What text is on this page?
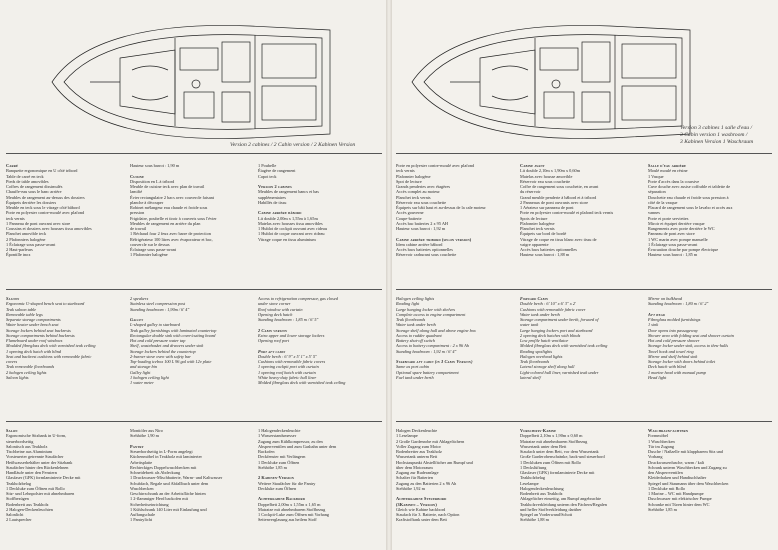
Version 2 cabines / 2 Cabin version / 2 Kabinen Version
Carré
Banquette ergonomique en U côté tribord
Table de carré en teck
Pieds de table amovibles
Coffres de rangement dissimulés
Chauffe-eau sous le banc arrière
Meubles de rangement au-dessus des dossiers
Équipets derrière les dossiers
Meuble en teck sous le vitrage côté bâbord
Porte en polyester contre-moulé avec plafond
teck vernis
1 Panneau de pont ouvrant avec store
Coussins et dossiers avec housses tissu amovibles
Planchet amovible teck
2 Plafonniers halogène
1 Éclairage sous passe-avant
2 Haut-parleurs
Épontille inox
Hauteur sous barrot : 1,90 m

Cuisine
Disposition en L à tribord
Meuble de cuisine teck avec plan de travail
lamifié
Évier rectangulaire 2 bacs avec couvercle faisant
planche à découper
Robinet mélangeur eau chaude et froide sous
pression
Frigidaire, poubelle et tiroir à couverts sous l'évier
Meubles de rangement en arrière du plan
de travail
1 Réchaud four 2 feux avec barre de protection
Réfrigérateur 100 litres avec évaporateur et bac,
couvercle sur le dessus
Éclairage sous passe-avant
1 Plafonnier halogène
1 Poubelle
Étagère de rangement
Capot teck

Version 2 cabines
Meubles de rangement bancs et bas
supplémentaires
Habillés de tissu

Cabine arrière bâbord
Lit double 2,00m x 1,55m à 1,65m
Matelas avec housses tissu amovibles
1 Hublot de cockpit ouvrant avec rideau
1 Hublot de coque ouvrant avec rideau
Vitrage coque en tissu aluminium
Saloon
Ergonomic U-shaped bench seat to starboard
Teak saloon table
Removable table legs
Separate storage compartments
Water heater under bench seat
Storage lockers behind seat backrests
Storage compartments behind backrests
Flameboard under roof windows
Moulded fibreglass deck with varnished teak ceiling
1 opening deck hatch with blind
Seat and backrest cushions with removable fabric
covers
Teak removable floorboards
2 halogen ceiling lights
Saloon lights
2 speakers
Stainless steel compression post
Standing headroom : 1,90m / 6' 4"

Galley
L-shaped galley to starboard
Teak galley furnishings with laminated countertop
Rectangular double sink with cover/cutting board
Hot and cold pressure water tap
Shelf, wastebasket and drawers under sink
Storage lockers behind the countertop
2-burner stove oven with safety bar
Top-loading icebox 100 L 96 gal with 12v plate
and storage bin
Galley light
1 halogen ceiling light
1 water meter
Access to refrigeration compressor, gas closed
under stove corner
Roof window with curtain
Opening deck hatch
Standing headroom : 1,85 m / 6' 5"

2 Cabin version
Extra upper and lower storage lockers
Opening roof port

Port aft cabin
Double berth : 6' 9" x 5' 1" x 5' 5"
Cushions with removable fabric covers
1 opening cockpit port with curtain
1 opening roof hatch with curtain
White heavy-duty fabric hull liner
Molded fibreglass deck with varnished teak ceiling
Salon
Ergonomische Sitzbank in U-form,
steuerbordseitig
Salontisch aus Teakholz
Tischbeine aus Aluminium
Vorsteuerter getrennte Staufächer
Heißwasserbehälter unter der Sitzbank
Staufächer hinter den Rückenlehnen
Handläufe unter den Fenstern
Glasfaser (GFK) formlaminierte Decke mit
Teakholzbelag
1 Deckluke zum Öffnen mit Rollo
Sitz- und Lehnpolster mit abnehmbaren
Stoffbezügen
Bodenbrett aus Teakholz
2 Halogen-Deckenleuchten
Salonlicht
2 Lautsprecher
Montiöler aus Niro
Stehhöhe 1,90 m

Pantry
Steuerbordseitig in L-Form angelegt
Küchenmöbel in Teakholz mit laminierter
Arbeitsplatte
Rechteckiges Doppelwaschbecken mit
Schneidebrett als Abdeckung
1 Druckwasser-Mischbatterie, Warm- und Kaltwasser
Schubfach, Regale und Abfallbuch unter dem
Waschbecken
Geschirrschrank an der Arbeitsfläche hinten
1 2-flammiger Herd backofen mit
Sicherheitseinrichtung
1 Kühlschrank 140 Liter mit Einlaufung und
Auffangschale
1 Pantrylicht
1 Halogendeckenleuchte
1 Wasserstandsmesser
Zugang zum Kühlkompressor, zu den
Absperrventilen und zum Gasbahn unter dem
Backofen
Deckfenster mit Verlängern
1 Deckluke zum Öffnen
Stehhöhe 1,85 m

2 Kabinen-Version
Weitere Staufächer für die Pantry
Deckluke zum Öffnen

Achterkabine Backbord
Doppelbett 2,00m x 1,55m x 1,65 m
Matratze mit abnehmbarem Stoffbezug
1 Cockpit-Luke zum Öffnen mit Vorhang
Seitenverglasung aus heilem Stoff
Version 3 cabines 1 salle d'eau /
3 Cabin version 1 washroom /
3 Kabinen Version 1 Waschraum
Porte en polyester contre-moulé avec plafond
teck vernis
Plafonnier halogène
Spot de lecture
Grands penderies avec étagères
Accès complet au moteur
Planchet teck vernis
Réservoir eau sous couchette
Équipets sur bâti haut et au-dessus de la cale moteur
Accès gouverne
Coupe-batterie
Accès bac batteries 2 x 95 AH
Hauteur sous barrot : 1,92 m

Cabine arrière tribord (selon version)
Idem cabine arrière bâbord
Accès bacs batteries optionnelles
Réservoir carburant sous couchette
Cabine avant
Lit double 2,10m x 1,90m x 0,60m
Matelas avec housse amovible
Réservoir eau sous couchette
Coffre de rangement sous couchette, en avant
du réservoir
Grand meuble penderie à bâbord et à tribord
2 Panneaux de pont ouvrants avec store
1 Aérateur sur panneau de pont
Porte en polyester contre-moulé et plafond teck vernis
Spots de lecture
Plafonnier halogène
Planchet teck vernis
Équipets sur bord de bordé
Vitrage de coque en tissu blanc avec tissu de
vaigre apparente
Accès bacs batteries optionnelles
Hauteur sous barrot : 1,88 m
Salle d'eau arrière
Moulé moulé en résine
1 Vasque
Porte d'accès dans la coursive
Cuve douche avec assise coffrable et tablette de
séparation
Douchette eau chaude et froide sous pression à
côté de la vasque
Placard de rangement sous le lavabo et accès aux
vannes
Porte et porte serviettes
Miroir et équipet derrière vasque
Rangements avec porte derrière le WC
Panneau de pont avec store
1 WC marin avec pompe manuelle
1 Éclairage sous passe-avant
Évacuation douche par pompe électrique
Hauteur sous barrot : 1,85 m
Halogen ceiling lights
Reading light
Large hanging locker with shelves
Complete access to engine compartment
Teak floorboards
Water tank under berth
Storage shelf along hull and above engine box
Access to rudder quadrant
Battery shut-off switch
Access to battery compartment : 2 x 96 Ah
Standing headroom : 1,92 m / 6' 4"

Starboard aft cabin (in 3 Cabin Version)
Same as port cabin
Optional spare battery compartment
Fuel tank under berth
Forward Cabin
Double berth : 6' 10" x 6' 3" x 2'
Cushions with removable fabric cover
Water tank under berth
Storage compartment under berth, forward of
water tank
Large hanging lockers port and starboard
2 opening deck hatches with blinds
Low profile hatch ventilator
Molded fibreglass deck with varnished teak ceiling
Reading spotlights
Halogen overhead lights
Teak floorboards
Lateral storage shelf along hull
Light-colored hull liner, varnished teak under
lateral shelf
Mirror on bulkhead
Standing headroom : 1,80 m / 6' 2"

Aft head
Fibreglass molded furnishings
1 sink
Door opens into passageway
Shower area with folding seat and shower curtain
Hot and cold pressure shower
Storage locker under sink, access to thru-hulls
Towel hook and towel ring
Mirror and shelf behind sink
Storage locker with doors behind toilet
Deck hatch with blind
1 marine head with manual pump
Head light
Halogen Deckenleuchte
1 Leselampe
2 Große Gardenrobe mit Ablagefächern
Voller Zugang zum Motor
Bodenbretter aus Teakholz
Wassertank unterm Bett
Hochstaupunkt Abstellfächer am Rumpf und
über dem Motorraum
Zugang zur Ruderanlage
Schalter für Batterien
Zugang zu den Batterien 2 x 96 Ah
Stehhöhe 1,92 m

Achterkabine Steuerbord
(3Kabinen – Version)
Gleich wie Kabine backbord
Staufach für 3. Batterie, nach Option
Kraftstofftank unter dem Bett
Vorschiffs-Kabine
Doppelbett 2,10m x 1,90m x 0,60 m
Matratze mit abnehmbarem Stoffbezug
Wassertank unter dem Bett
Staufach unter dem Bett, vor dem Wassertank
Große Garderobenschränke, back-und steuerbord
1 Deckluken zum Öffnen mit Rollo
1 Deckslüftung
Glasfaser (GFK) formlaminierte Decke mit
Teakholzbelag
Leselampe
Halogendeckenleuchtung
Bodenbrett aus Teakholz
Ablagefächer einseitig, am Rumpf angebrachte
Teakholzverkleidung unterm den Fächern/Regalen
und heller Stoffverkleidung darüber
Spiegel an Vorderwand/Schott
Stehhöhe 1,88 m
Waschraum-achtern
Formmöbel
1 Waschbecken
Tür im Zugang
Dusche / Naßzelle mit klappbarem Sitz und
Vorhang
Druckwasserdusche, warm / kalt
Schrank unterm Waschbecken und Zugang zu
den Absperrventilen
Kleiderhaken und Handtuchhalter
Spiegel und Staumann über dem Waschbecken
1 Deckluke mit Rollo
1 Marine – WC mit Handpumpe
Duschwasser mit elektrischer Pumpe
Schranke mit Türen hinter dem WC
Stehhöhe 1,85 m
